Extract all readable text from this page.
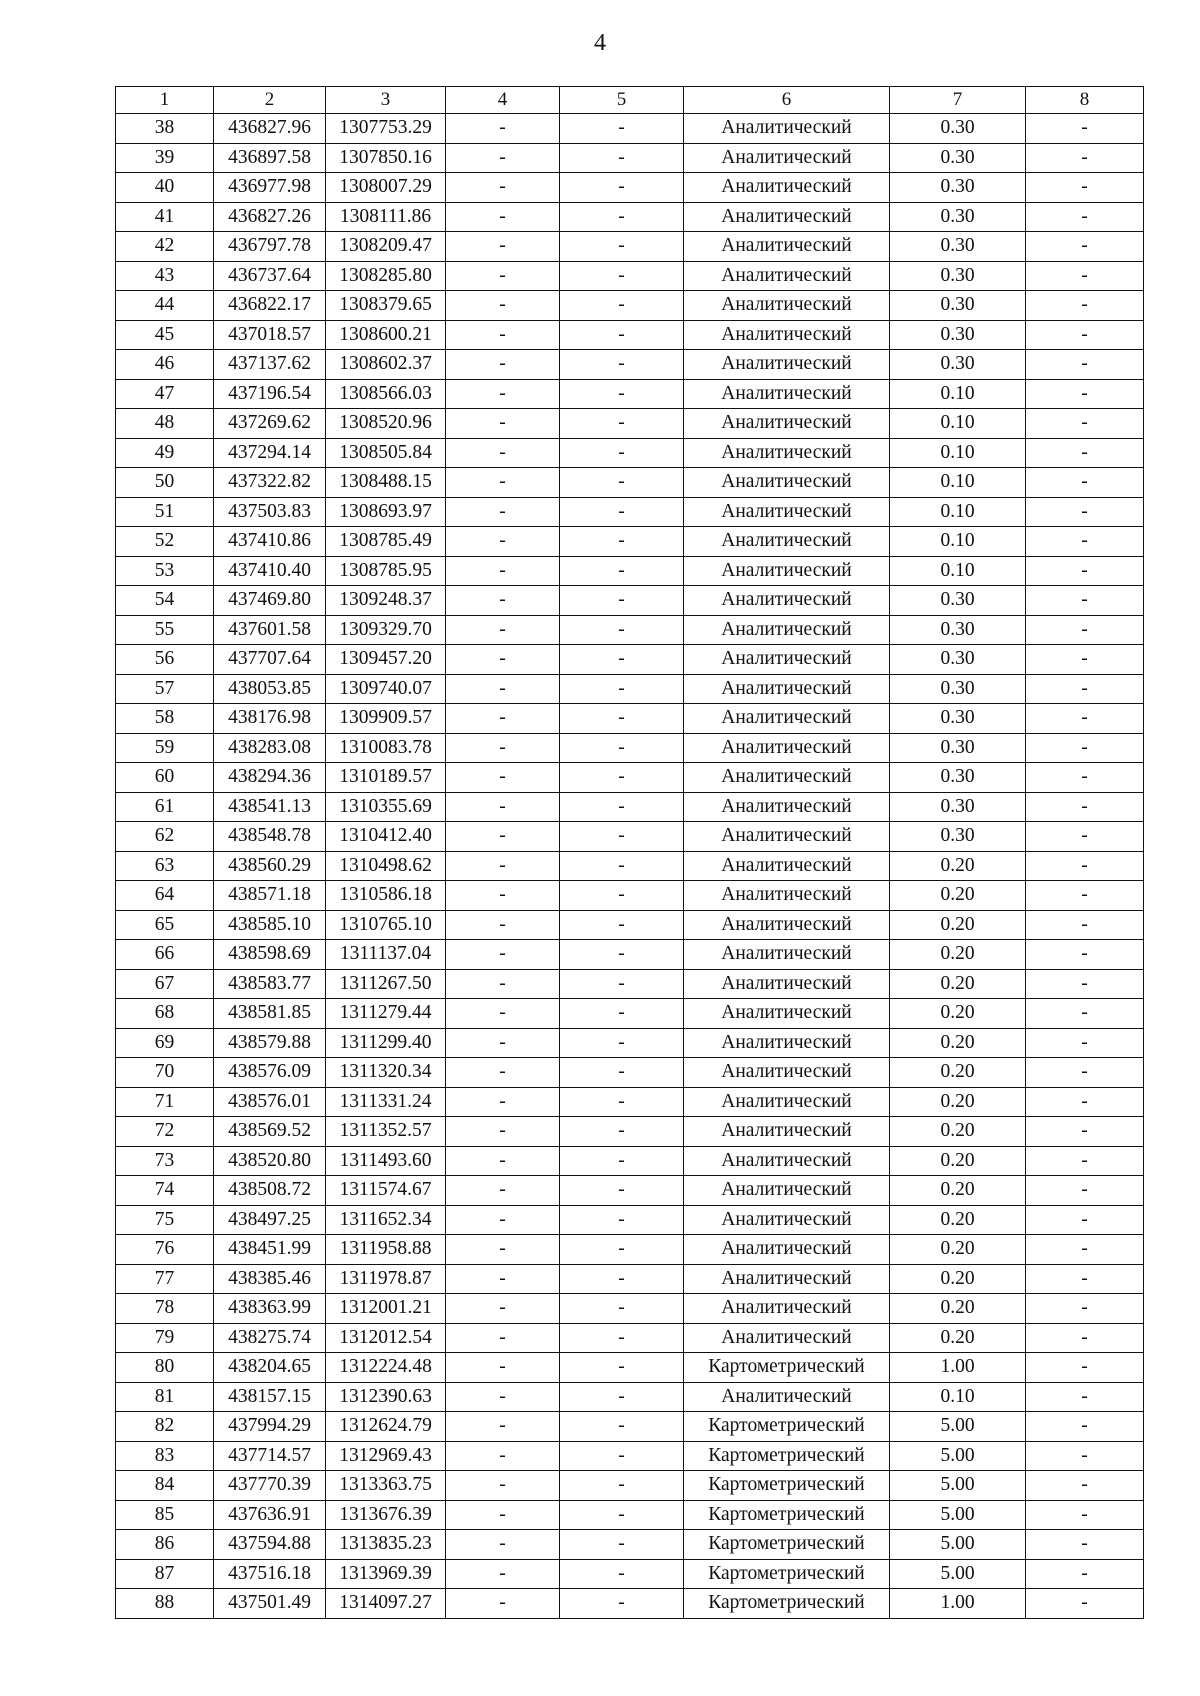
4
1	2	3	4	5	6	7	8
38	436827.96	1307753.29	-	-	Аналитический	0.30	-
39	436897.58	1307850.16	-	-	Аналитический	0.30	-
40	436977.98	1308007.29	-	-	Аналитический	0.30	-
41	436827.26	1308111.86	-	-	Аналитический	0.30	-
42	436797.78	1308209.47	-	-	Аналитический	0.30	-
43	436737.64	1308285.80	-	-	Аналитический	0.30	-
44	436822.17	1308379.65	-	-	Аналитический	0.30	-
45	437018.57	1308600.21	-	-	Аналитический	0.30	-
46	437137.62	1308602.37	-	-	Аналитический	0.30	-
47	437196.54	1308566.03	-	-	Аналитический	0.10	-
48	437269.62	1308520.96	-	-	Аналитический	0.10	-
49	437294.14	1308505.84	-	-	Аналитический	0.10	-
50	437322.82	1308488.15	-	-	Аналитический	0.10	-
51	437503.83	1308693.97	-	-	Аналитический	0.10	-
52	437410.86	1308785.49	-	-	Аналитический	0.10	-
53	437410.40	1308785.95	-	-	Аналитический	0.10	-
54	437469.80	1309248.37	-	-	Аналитический	0.30	-
55	437601.58	1309329.70	-	-	Аналитический	0.30	-
56	437707.64	1309457.20	-	-	Аналитический	0.30	-
57	438053.85	1309740.07	-	-	Аналитический	0.30	-
58	438176.98	1309909.57	-	-	Аналитический	0.30	-
59	438283.08	1310083.78	-	-	Аналитический	0.30	-
60	438294.36	1310189.57	-	-	Аналитический	0.30	-
61	438541.13	1310355.69	-	-	Аналитический	0.30	-
62	438548.78	1310412.40	-	-	Аналитический	0.30	-
63	438560.29	1310498.62	-	-	Аналитический	0.20	-
64	438571.18	1310586.18	-	-	Аналитический	0.20	-
65	438585.10	1310765.10	-	-	Аналитический	0.20	-
66	438598.69	1311137.04	-	-	Аналитический	0.20	-
67	438583.77	1311267.50	-	-	Аналитический	0.20	-
68	438581.85	1311279.44	-	-	Аналитический	0.20	-
69	438579.88	1311299.40	-	-	Аналитический	0.20	-
70	438576.09	1311320.34	-	-	Аналитический	0.20	-
71	438576.01	1311331.24	-	-	Аналитический	0.20	-
72	438569.52	1311352.57	-	-	Аналитический	0.20	-
73	438520.80	1311493.60	-	-	Аналитический	0.20	-
74	438508.72	1311574.67	-	-	Аналитический	0.20	-
75	438497.25	1311652.34	-	-	Аналитический	0.20	-
76	438451.99	1311958.88	-	-	Аналитический	0.20	-
77	438385.46	1311978.87	-	-	Аналитический	0.20	-
78	438363.99	1312001.21	-	-	Аналитический	0.20	-
79	438275.74	1312012.54	-	-	Аналитический	0.20	-
80	438204.65	1312224.48	-	-	Картометрический	1.00	-
81	438157.15	1312390.63	-	-	Аналитический	0.10	-
82	437994.29	1312624.79	-	-	Картометрический	5.00	-
83	437714.57	1312969.43	-	-	Картометрический	5.00	-
84	437770.39	1313363.75	-	-	Картометрический	5.00	-
85	437636.91	1313676.39	-	-	Картометрический	5.00	-
86	437594.88	1313835.23	-	-	Картометрический	5.00	-
87	437516.18	1313969.39	-	-	Картометрический	5.00	-
88	437501.49	1314097.27	-	-	Картометрический	1.00	-
